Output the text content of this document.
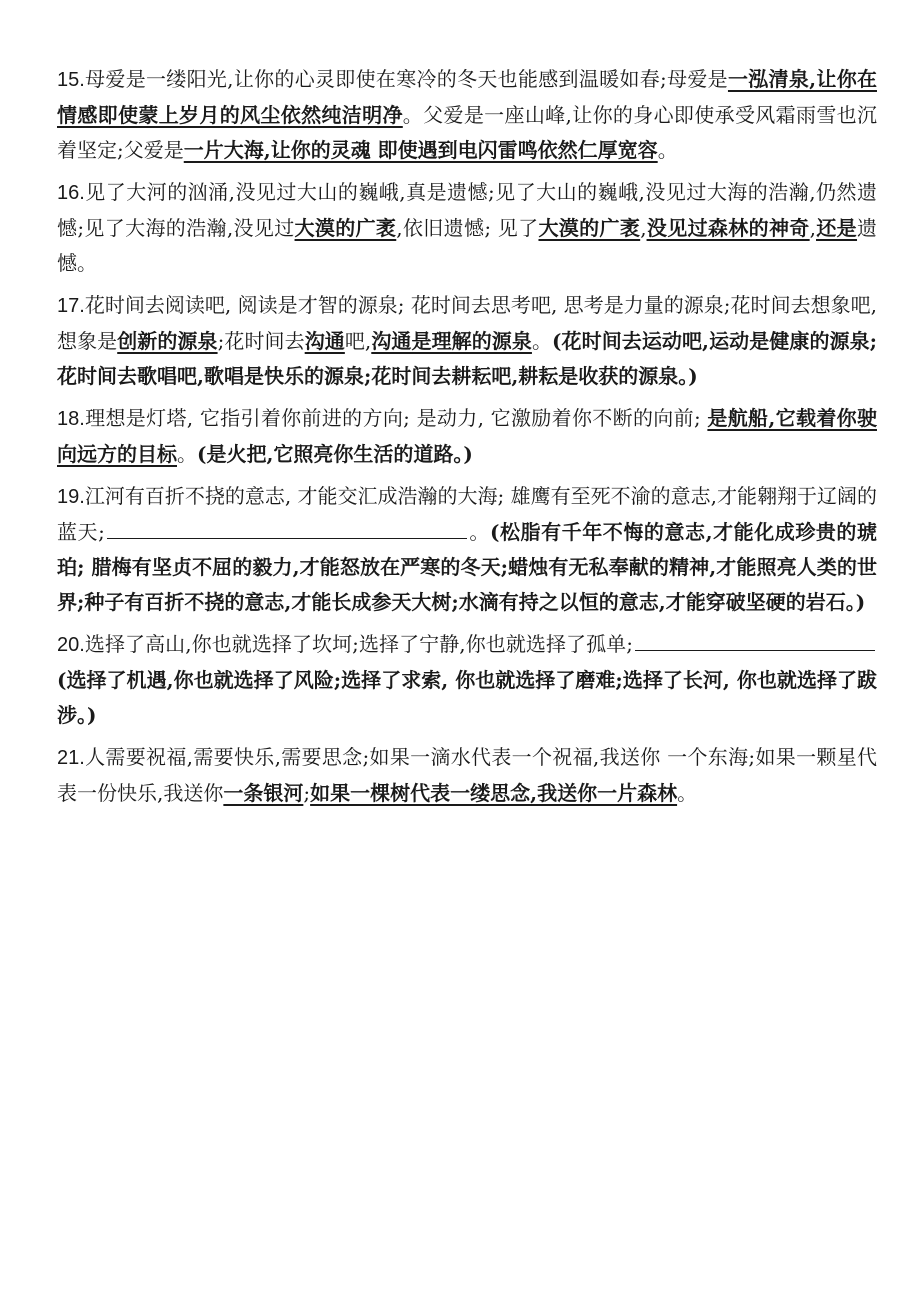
15.母爱是一缕阳光,让你的心灵即使在寒冷的冬天也能感到温暖如春;母爱是一泓清泉,让你在情感即使蒙上岁月的风尘依然纯洁明净。父爱是一座山峰,让你的身心即使承受风霜雨雪也沉着坚定;父爱是一片大海,让你的灵魂 即使遇到电闪雷鸣依然仁厚宽容。
16.见了大河的汹涌,没见过大山的巍峨,真是遗憾;见了大山的巍峨,没见过大海的浩瀚,仍然遗憾;见了大海的浩瀚,没见过大漠的广袤,依旧遗憾; 见了大漠的广袤,没见过森林的神奇,还是遗憾。
17.花时间去阅读吧, 阅读是才智的源泉; 花时间去思考吧, 思考是力量的源泉;花时间去想象吧,想象是创新的源泉;花时间去沟通吧,沟通是理解的源泉。(花时间去运动吧,运动是健康的源泉;花时间去歌唱吧,歌唱是快乐的源泉;花时间去耕耘吧,耕耘是收获的源泉。)
18.理想是灯塔, 它指引着你前进的方向; 是动力, 它激励着你不断的向前; 是航船,它载着你驶向远方的目标。(是火把,它照亮你生活的道路。)
19.江河有百折不挠的意志, 才能交汇成浩瀚的大海; 雄鹰有至死不渝的意志,才能翱翔于辽阔的蓝天;	。(松脂有千年不悔的意志,才能化成珍贵的琥珀; 腊梅有坚贞不屈的毅力,才能怒放在严寒的冬天;蜡烛有无私奉献的精神,才能照亮人类的世界;种子有百折不挠的意志,才能长成参天大树;水滴有持之以恒的意志,才能穿破坚硬的岩石。)
20.选择了高山,你也就选择了坎坷;选择了宁静,你也就选择了孤单;(选择了机遇,你也就选择了风险;选择了求索, 你也就选择了磨难;选择了长河, 你也就选择了跋涉。)
21.人需要祝福,需要快乐,需要思念;如果一滴水代表一个祝福,我送你 一个东海;如果一颗星代表一份快乐,我送你一条银河;如果一棵树代表一缕思念,我送你一片森林。
